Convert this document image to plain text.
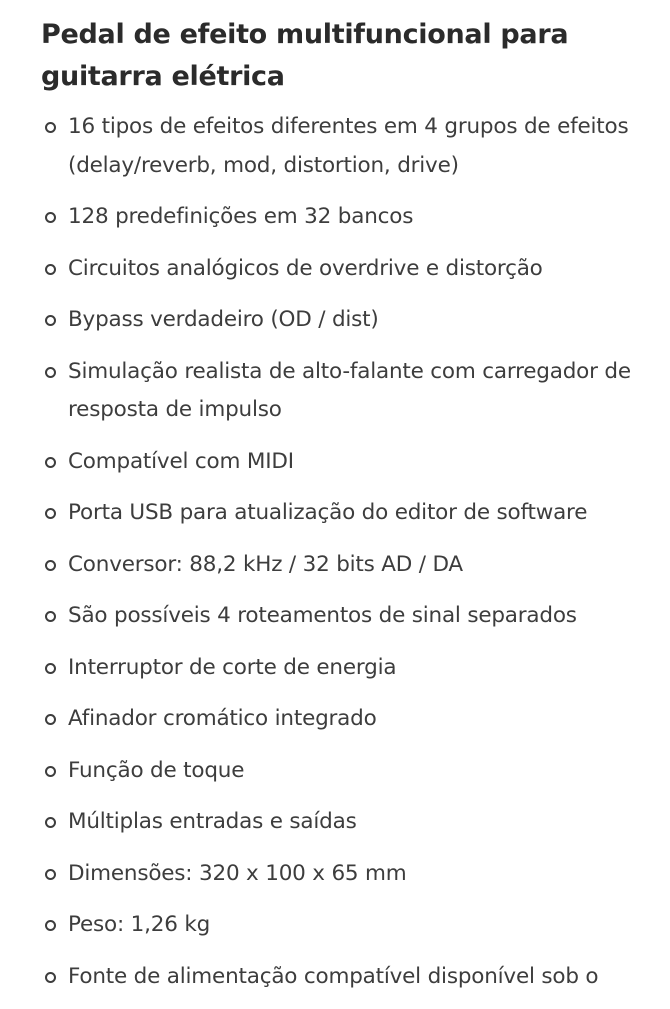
Pedal de efeito multifuncional para guitarra elétrica
16 tipos de efeitos diferentes em 4 grupos de efeitos (delay/reverb, mod, distortion, drive)
128 predefinições em 32 bancos
Circuitos analógicos de overdrive e distorção
Bypass verdadeiro (OD / dist)
Simulação realista de alto-falante com carregador de resposta de impulso
Compatível com MIDI
Porta USB para atualização do editor de software
Conversor: 88,2 kHz / 32 bits AD / DA
São possíveis 4 roteamentos de sinal separados
Interruptor de corte de energia
Afinador cromático integrado
Função de toque
Múltiplas entradas e saídas
Dimensões: 320 x 100 x 65 mm
Peso: 1,26 kg
Fonte de alimentação compatível disponível sob o
